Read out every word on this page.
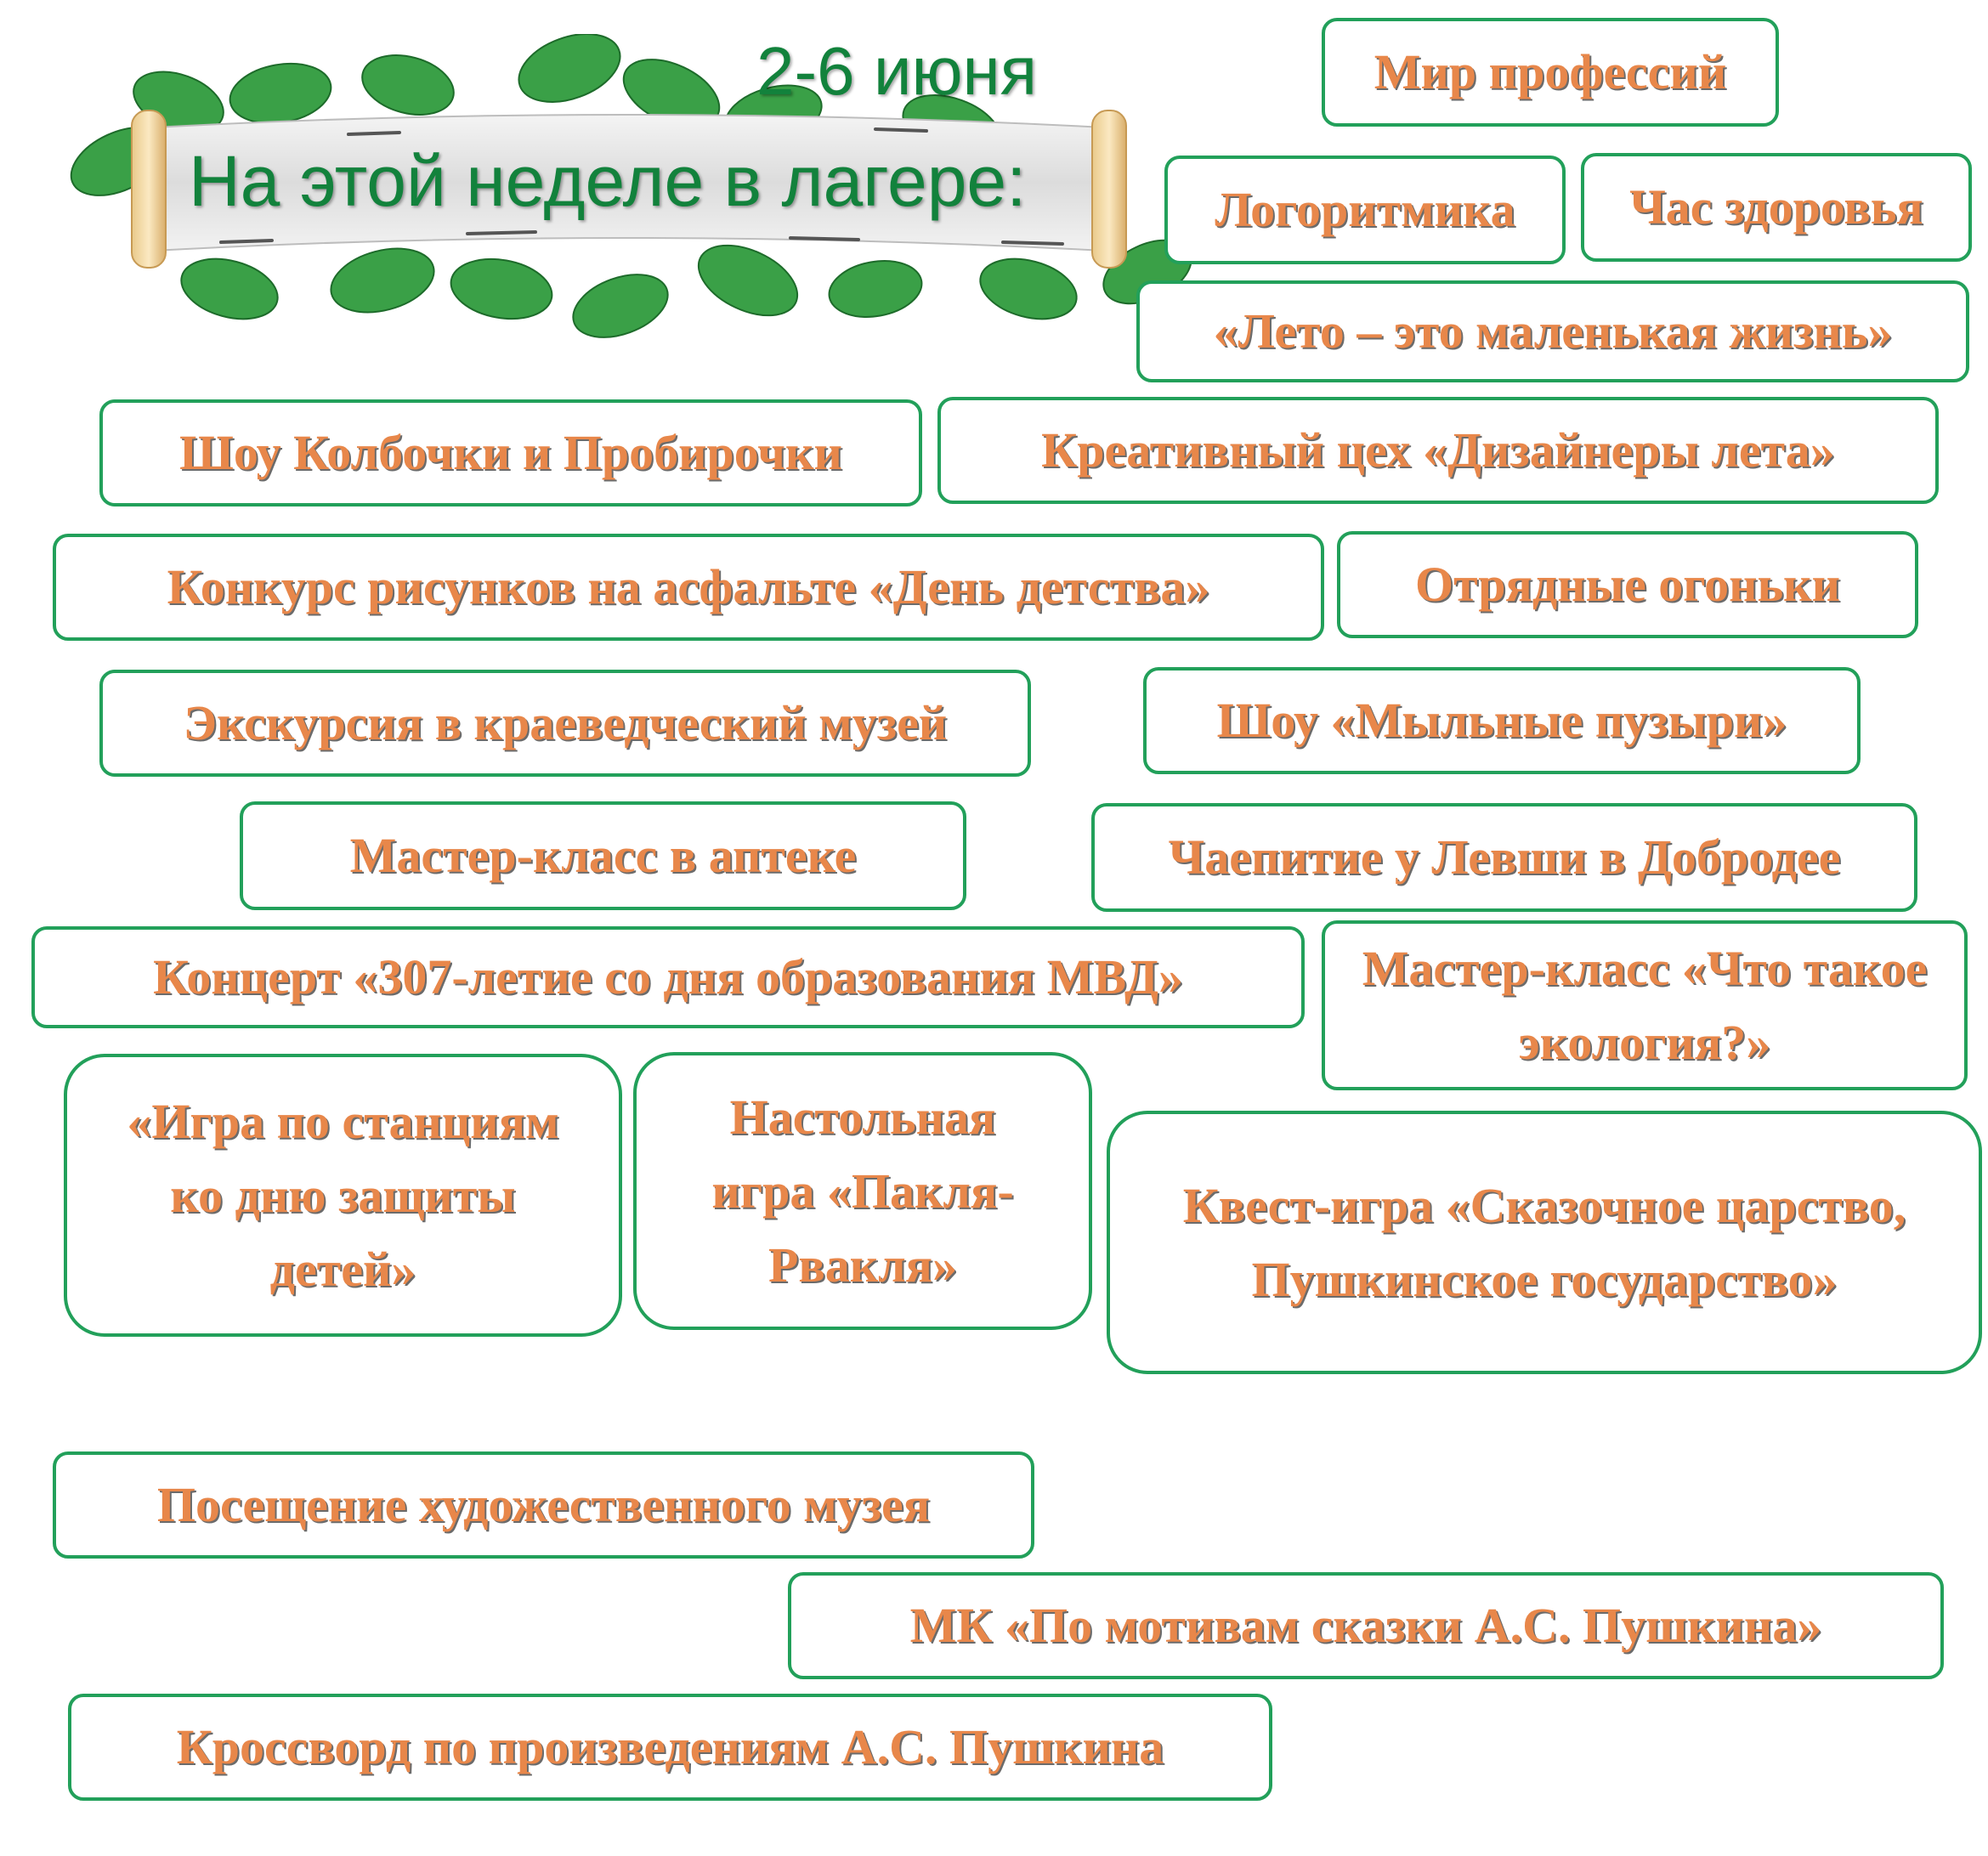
2-6 июня
На этой неделе в лагере:
Мир профессий
Логоритмика Час здоровья
«Лето – это маленькая жизнь»
Шоу Колбочки и Пробирочки	Креативный цех «Дизайнеры лета»
Конкурс рисунков на асфальте «День детства»	Отрядные огоньки
Экскурсия в краеведческий музей	Шоу «Мыльные пузыри»
Мастер-класс в аптеке	Чаепитие у Левши в Добродее
Концерт «307-летие со дня образования МВД»	Мастер-класс «Что такое экология?»
«Игра по станциям ко дню защиты детей»
Настольная игра «Пакля-Рвакля»
Квест-игра «Сказочное царство, Пушкинское государство»
Посещение художественного музея
МК «По мотивам сказки А.С. Пушкина»
Кроссворд по произведениям А.С. Пушкина
